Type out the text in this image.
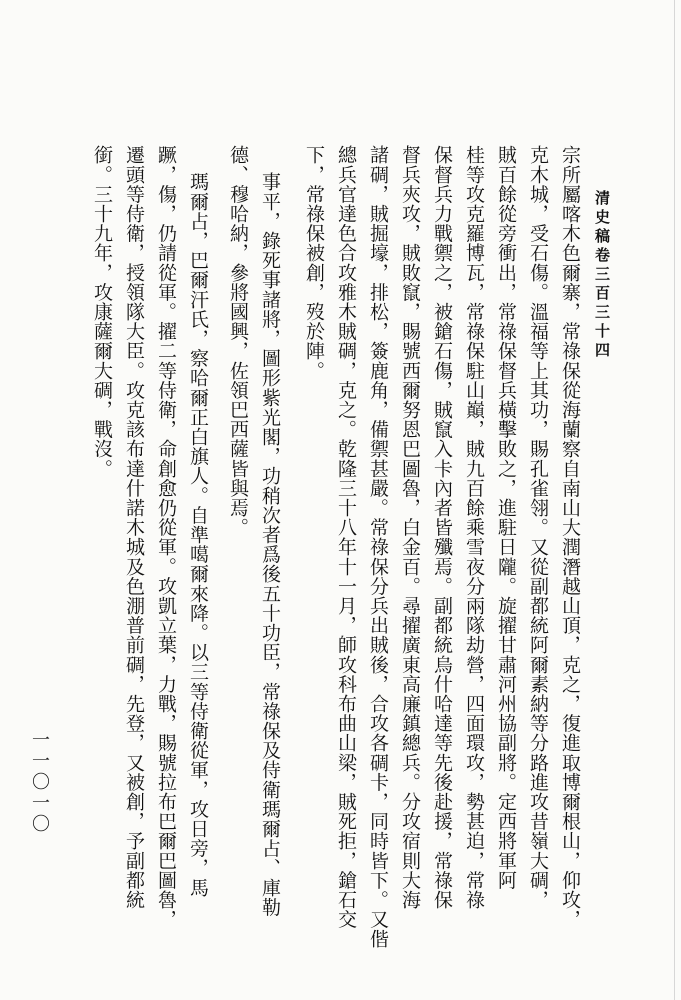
清史稿卷三百三十四
一一〇一〇	宗所屬喀木色爾寨，常祿保從海蘭察自南山大潤潛越山頂，克之，復進取博爾根山，仰攻，
克木城，受石傷。溫福等上其功，賜孔雀翎。又從副都統阿爾素納等分路進攻昔嶺大碉，
賊百餘從旁衝出，常祿保督兵橫擊敗之，進駐日隴。旋擢甘肅河州協副將。定西將軍阿
桂等攻克羅博瓦，常祿保駐山巔，賊九百餘乘雪夜分兩隊劫營，四面環攻，勢甚迫，常祿
保督兵力戰禦之，被鎗石傷，賊竄入卡內者皆殲焉。副都統烏什哈達等先後赴援，常祿保
督兵夾攻，賊敗竄，賜號西爾努恩巴圖魯，白金百。尋擢廣東高廉鎮總兵。分攻宿則大海
諸碉，賊掘壕，排松，簽鹿角，備禦甚嚴。常祿保分兵出賊後，合攻各碉卡，同時皆下。又偕
總兵官達色合攻雅木賊碉，克之。乾隆三十八年十一月，師攻科布曲山梁，賊死拒，鎗石交
下，常祿保被創，歿於陣。
事平，錄死事諸將，圖形紫光閣，功稍次者爲後五十功臣，常祿保及侍衛瑪爾占、庫勒
德、穆哈納，參將國興，佐領巴西薩皆與焉。
瑪爾占，巴爾汗氏，察哈爾正白旗人。自準噶爾來降。以三等侍衛從軍，攻日旁，馬
蹶，傷，仍請從軍。擢二等侍衛，命創愈仍從軍。攻凱立葉，力戰，賜號拉布巴爾巴圖魯，
遷頭等侍衛，授領隊大臣。攻克該布達什諾木城及色淜普前碉，先登，又被創，予副都統
銜。三十九年，攻康薩爾大碉，戰沒。
